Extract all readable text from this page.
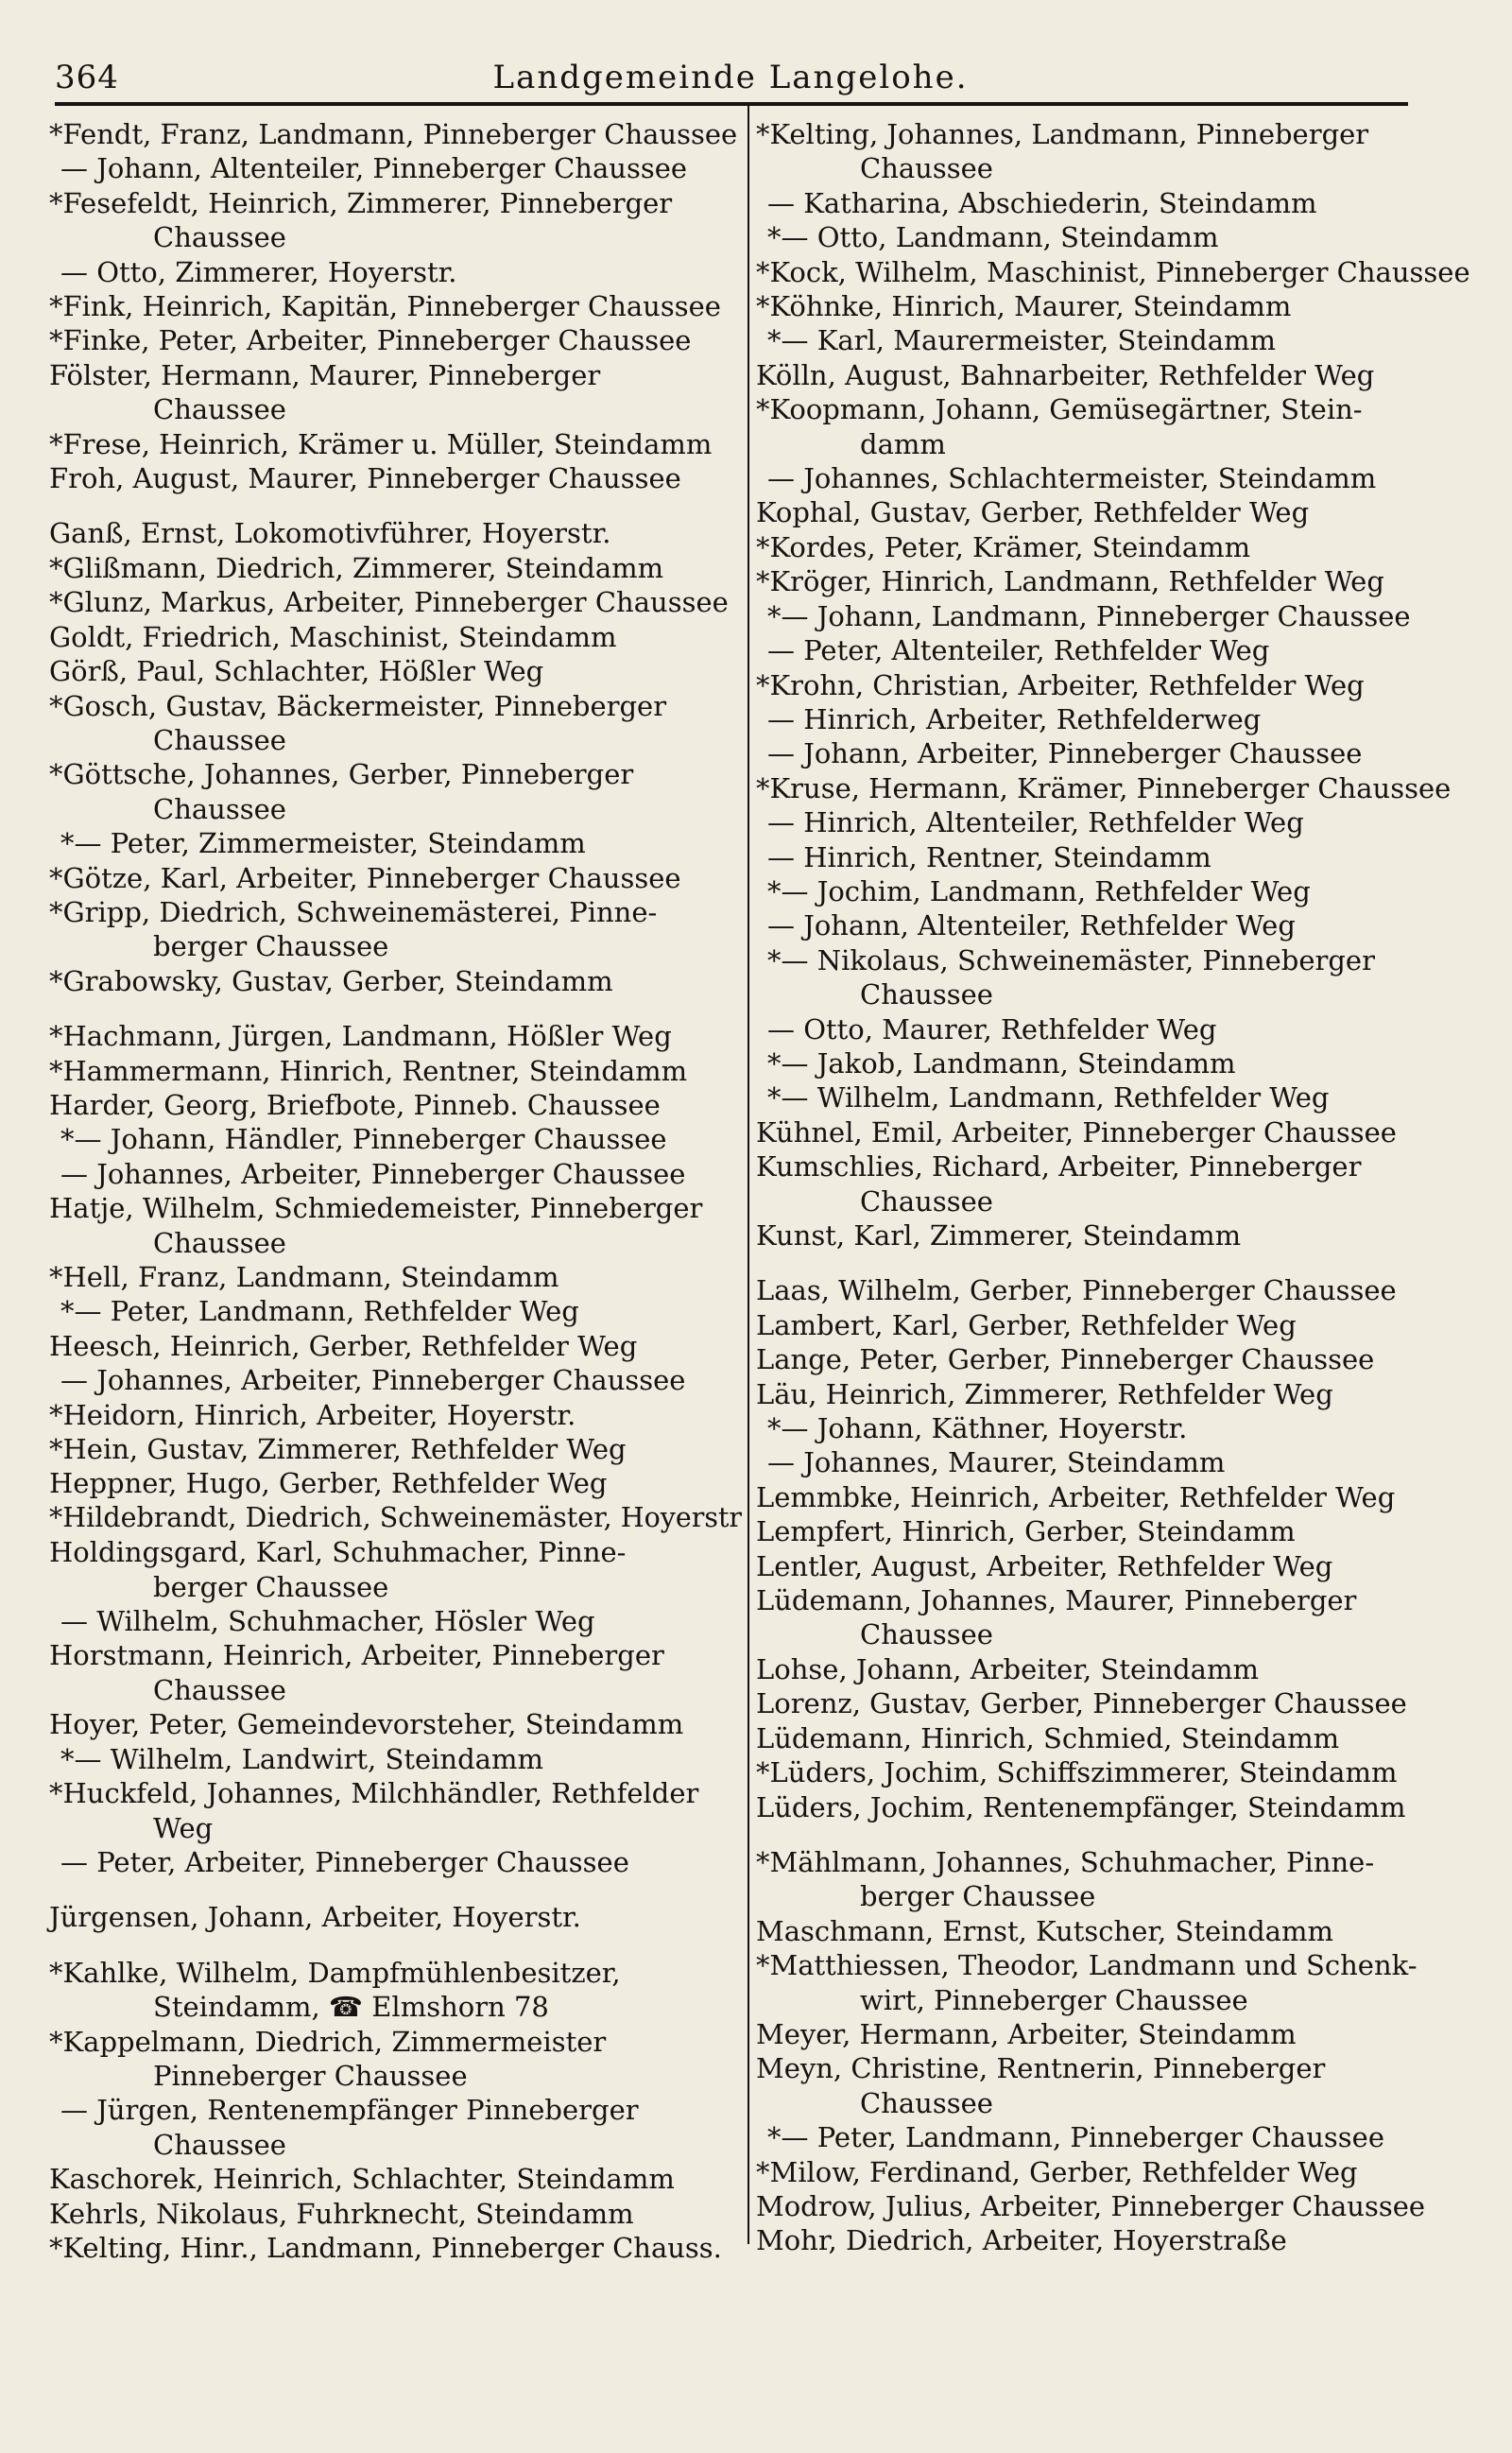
364	Landgemeinde Langelohe.
*Fendt, Franz, Landmann, Pinneberger Chaussee
— Johann, Altenteiler, Pinneberger Chaussee
*Fesefeldt, Heinrich, Zimmerer, Pinneberger
Chaussee
— Otto, Zimmerer, Hoyerstr.
*Fink, Heinrich, Kapitän, Pinneberger Chaussee
*Finke, Peter, Arbeiter, Pinneberger Chaussee
Fölster, Hermann, Maurer, Pinneberger
Chaussee
*Frese, Heinrich, Krämer u. Müller, Steindamm
Froh, August, Maurer, Pinneberger Chaussee
Ganß, Ernst, Lokomotivführer, Hoyerstr.
*Glißmann, Diedrich, Zimmerer, Steindamm
*Glunz, Markus, Arbeiter, Pinneberger Chaussee
Goldt, Friedrich, Maschinist, Steindamm
Görß, Paul, Schlachter, Hößler Weg
*Gosch, Gustav, Bäckermeister, Pinneberger
Chaussee
*Göttsche, Johannes, Gerber, Pinneberger
Chaussee
*— Peter, Zimmermeister, Steindamm
*Götze, Karl, Arbeiter, Pinneberger Chaussee
*Gripp, Diedrich, Schweinemästerei, Pinne-
berger Chaussee
*Grabowsky, Gustav, Gerber, Steindamm
*Hachmann, Jürgen, Landmann, Hößler Weg
*Hammermann, Hinrich, Rentner, Steindamm
Harder, Georg, Briefbote, Pinneb. Chaussee
*— Johann, Händler, Pinneberger Chaussee
— Johannes, Arbeiter, Pinneberger Chaussee
Hatje, Wilhelm, Schmiedemeister, Pinneberger
Chaussee
*Hell, Franz, Landmann, Steindamm
*— Peter, Landmann, Rethfelder Weg
Heesch, Heinrich, Gerber, Rethfelder Weg
— Johannes, Arbeiter, Pinneberger Chaussee
*Heidorn, Hinrich, Arbeiter, Hoyerstr.
*Hein, Gustav, Zimmerer, Rethfelder Weg
Heppner, Hugo, Gerber, Rethfelder Weg
*Hildebrandt, Diedrich, Schweinemäster, Hoyerstr
Holdingsgard, Karl, Schuhmacher, Pinne-
berger Chaussee
— Wilhelm, Schuhmacher, Hösler Weg
Horstmann, Heinrich, Arbeiter, Pinneberger
Chaussee
Hoyer, Peter, Gemeindevorsteher, Steindamm
*— Wilhelm, Landwirt, Steindamm
*Huckfeld, Johannes, Milchhändler, Rethfelder
Weg
— Peter, Arbeiter, Pinneberger Chaussee
Jürgensen, Johann, Arbeiter, Hoyerstr.
*Kahlke, Wilhelm, Dampfmühlenbesitzer,
Steindamm, ☎ Elmshorn 78
*Kappelmann, Diedrich, Zimmermeister
Pinneberger Chaussee
— Jürgen, Rentenempfänger Pinneberger
Chaussee
Kaschorek, Heinrich, Schlachter, Steindamm
Kehrls, Nikolaus, Fuhrknecht, Steindamm
*Kelting, Hinr., Landmann, Pinneberger Chauss.
*Kelting, Johannes, Landmann, Pinneberger
Chaussee
— Katharina, Abschiederin, Steindamm
*— Otto, Landmann, Steindamm
*Kock, Wilhelm, Maschinist, Pinneberger Chaussee
*Köhnke, Hinrich, Maurer, Steindamm
*— Karl, Maurermeister, Steindamm
Kölln, August, Bahnarbeiter, Rethfelder Weg
*Koopmann, Johann, Gemüsegärtner, Stein-
damm
— Johannes, Schlachtermeister, Steindamm
Kophal, Gustav, Gerber, Rethfelder Weg
*Kordes, Peter, Krämer, Steindamm
*Kröger, Hinrich, Landmann, Rethfelder Weg
*— Johann, Landmann, Pinneberger Chaussee
— Peter, Altenteiler, Rethfelder Weg
*Krohn, Christian, Arbeiter, Rethfelder Weg
— Hinrich, Arbeiter, Rethfelderweg
— Johann, Arbeiter, Pinneberger Chaussee
*Kruse, Hermann, Krämer, Pinneberger Chaussee
— Hinrich, Altenteiler, Rethfelder Weg
— Hinrich, Rentner, Steindamm
*— Jochim, Landmann, Rethfelder Weg
— Johann, Altenteiler, Rethfelder Weg
*— Nikolaus, Schweinemäster, Pinneberger
Chaussee
— Otto, Maurer, Rethfelder Weg
*— Jakob, Landmann, Steindamm
*— Wilhelm, Landmann, Rethfelder Weg
Kühnel, Emil, Arbeiter, Pinneberger Chaussee
Kumschlies, Richard, Arbeiter, Pinneberger
Chaussee
Kunst, Karl, Zimmerer, Steindamm
Laas, Wilhelm, Gerber, Pinneberger Chaussee
Lambert, Karl, Gerber, Rethfelder Weg
Lange, Peter, Gerber, Pinneberger Chaussee
Läu, Heinrich, Zimmerer, Rethfelder Weg
*— Johann, Käthner, Hoyerstr.
— Johannes, Maurer, Steindamm
Lemmbke, Heinrich, Arbeiter, Rethfelder Weg
Lempfert, Hinrich, Gerber, Steindamm
Lentler, August, Arbeiter, Rethfelder Weg
Lüdemann, Johannes, Maurer, Pinneberger
Chaussee
Lohse, Johann, Arbeiter, Steindamm
Lorenz, Gustav, Gerber, Pinneberger Chaussee
Lüdemann, Hinrich, Schmied, Steindamm
*Lüders, Jochim, Schiffszimmerer, Steindamm
Lüders, Jochim, Rentenempfänger, Steindamm
*Mählmann, Johannes, Schuhmacher, Pinne-
berger Chaussee
Maschmann, Ernst, Kutscher, Steindamm
*Matthiessen, Theodor, Landmann und Schenk-
wirt, Pinneberger Chaussee
Meyer, Hermann, Arbeiter, Steindamm
Meyn, Christine, Rentnerin, Pinneberger
Chaussee
*— Peter, Landmann, Pinneberger Chaussee
*Milow, Ferdinand, Gerber, Rethfelder Weg
Modrow, Julius, Arbeiter, Pinneberger Chaussee
Mohr, Diedrich, Arbeiter, Hoyerstraße
